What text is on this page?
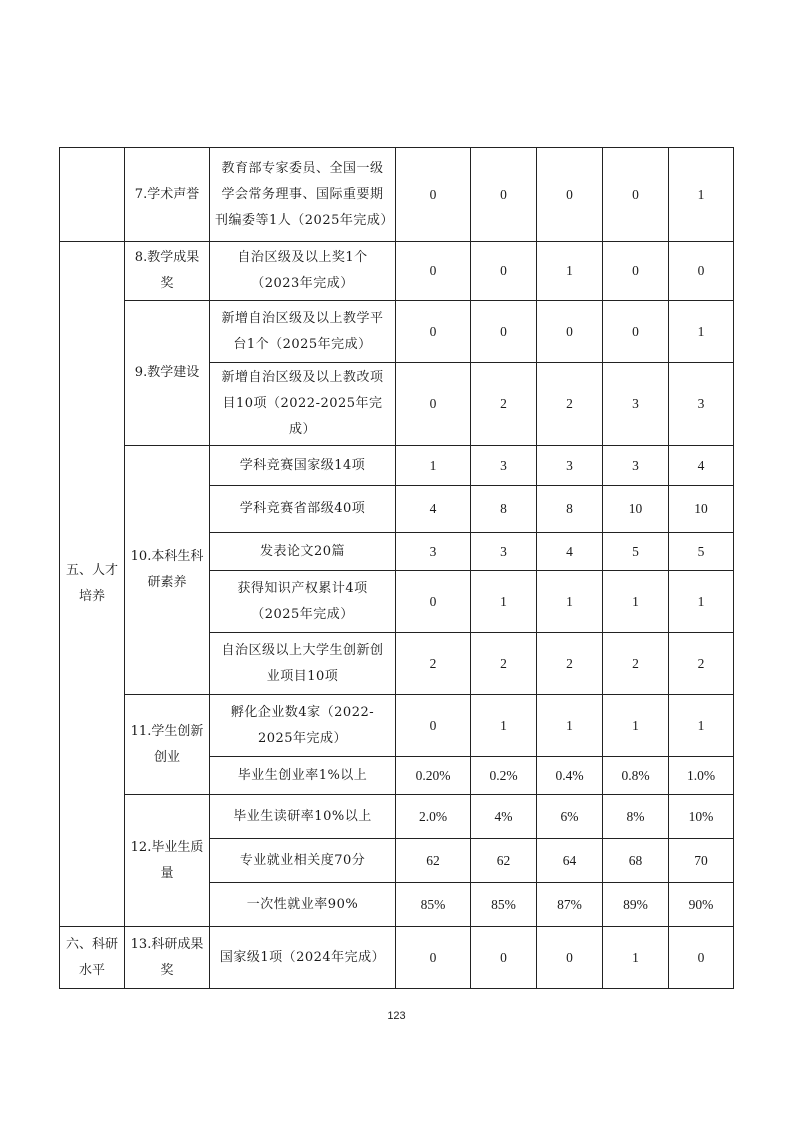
	7.学术声誉	教育部专家委员、全国一级学会常务理事、国际重要期刊编委等1人（2025年完成）	0	0	0	0	1
五、人才培养	8.教学成果奖	自治区级及以上奖1个（2023年完成）	0	0	1	0	0
	9.教学建设	新增自治区级及以上教学平台1个（2025年完成）	0	0	0	0	1
		新增自治区级及以上教改项目10项（2022-2025年完成）	0	2	2	3	3
	10.本科生科研素养	学科竞赛国家级14项	1	3	3	3	4
		学科竞赛省部级40项	4	8	8	10	10
		发表论文20篇	3	3	4	5	5
		获得知识产权累计4项（2025年完成）	0	1	1	1	1
		自治区级以上大学生创新创业项目10项	2	2	2	2	2
	11.学生创新创业	孵化企业数4家（2022-2025年完成）	0	1	1	1	1
		毕业生创业率1%以上	0.20%	0.2%	0.4%	0.8%	1.0%
	12.毕业生质量	毕业生读研率10%以上	2.0%	4%	6%	8%	10%
		专业就业相关度70分	62	62	64	68	70
		一次性就业率90%	85%	85%	87%	89%	90%
六、科研水平	13.科研成果奖	国家级1项（2024年完成）	0	0	0	1	0
123
